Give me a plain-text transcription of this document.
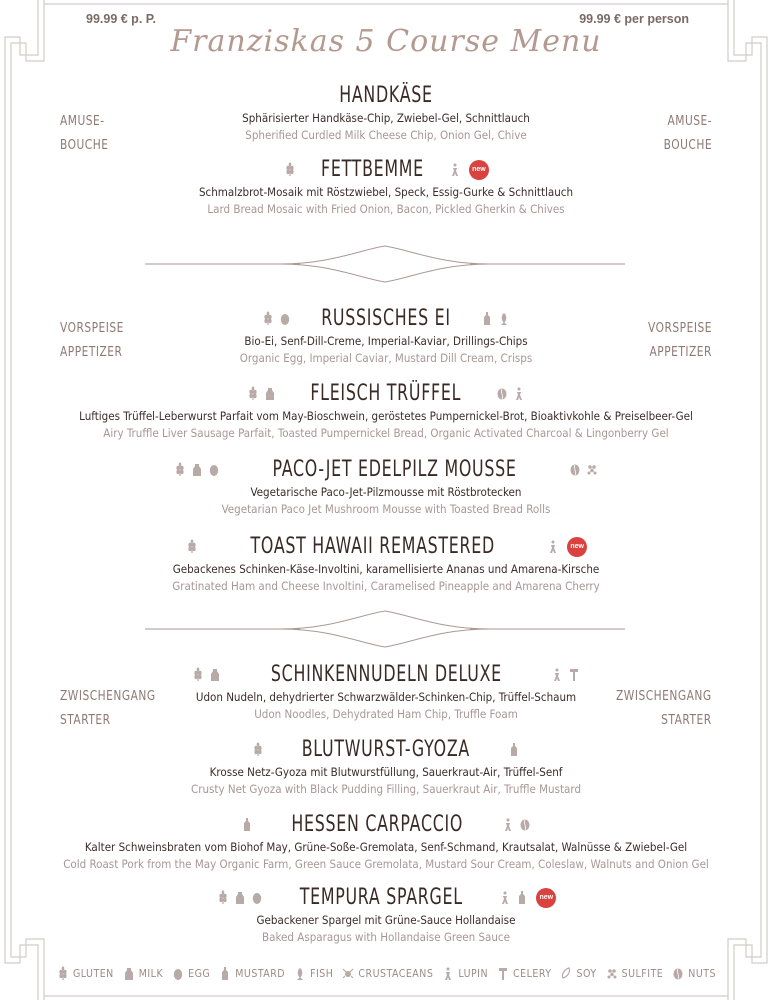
99.99 € p. P.	99.99 € per person
Franziskas 5 Course Menu
AMUSE-
BOUCHE
AMUSE-
BOUCHE
VORSPEISE
APPETIZER
VORSPEISE
APPETIZER
ZWISCHENGANG
STARTER
ZWISCHENGANG
STARTER
HANDKÄSE
Sphärisierter Handkäse-Chip, Zwiebel-Gel, Schnittlauch
Spherified Curdled Milk Cheese Chip, Onion Gel, Chive
FETTBEMME	new
Schmalzbrot-Mosaik mit Röstzwiebel, Speck, Essig-Gurke & Schnittlauch
Lard Bread Mosaic with Fried Onion, Bacon, Pickled Gherkin & Chives
RUSSISCHES EI
Bio-Ei, Senf-Dill-Creme, Imperial-Kaviar, Drillings-Chips
Organic Egg, Imperial Caviar, Mustard Dill Cream, Crisps
FLEISCH TRÜFFEL
Luftiges Trüffel-Leberwurst Parfait vom May-Bioschwein, geröstetes Pumpernickel-Brot, Bioaktivkohle & Preiselbeer-Gel
Airy Truffle Liver Sausage Parfait, Toasted Pumpernickel Bread, Organic Activated Charcoal & Lingonberry Gel
PACO-JET EDELPILZ MOUSSE
Vegetarische Paco-Jet-Pilzmousse mit Röstbrotecken
Vegetarian Paco Jet Mushroom Mousse with Toasted Bread Rolls
TOAST HAWAII REMASTERED	new
Gebackenes Schinken-Käse-Involtini, karamellisierte Ananas und Amarena-Kirsche
Gratinated Ham and Cheese Involtini, Caramelised Pineapple and Amarena Cherry
SCHINKENNUDELN DELUXE
Udon Nudeln, dehydrierter Schwarzwälder-Schinken-Chip, Trüffel-Schaum
Udon Noodles, Dehydrated Ham Chip, Truffle Foam
BLUTWURST-GYOZA
Krosse Netz-Gyoza mit Blutwurstfüllung, Sauerkraut-Air, Trüffel-Senf
Crusty Net Gyoza with Black Pudding Filling, Sauerkraut Air, Truffle Mustard
HESSEN CARPACCIO
Kalter Schweinsbraten vom Biohof May, Grüne-Soße-Gremolata, Senf-Schmand, Krautsalat, Walnüsse & Zwiebel-Gel
Cold Roast Pork from the May Organic Farm, Green Sauce Gremolata, Mustard Sour Cream, Coleslaw, Walnuts and Onion Gel
TEMPURA SPARGEL	new
Gebackener Spargel mit Grüne-Sauce Hollandaise
Baked Asparagus with Hollandaise Green Sauce
GLUTEN MILK EGG MUSTARD FISH CRUSTACEANS LUPIN CELERY SOY SULFITE NUTS
